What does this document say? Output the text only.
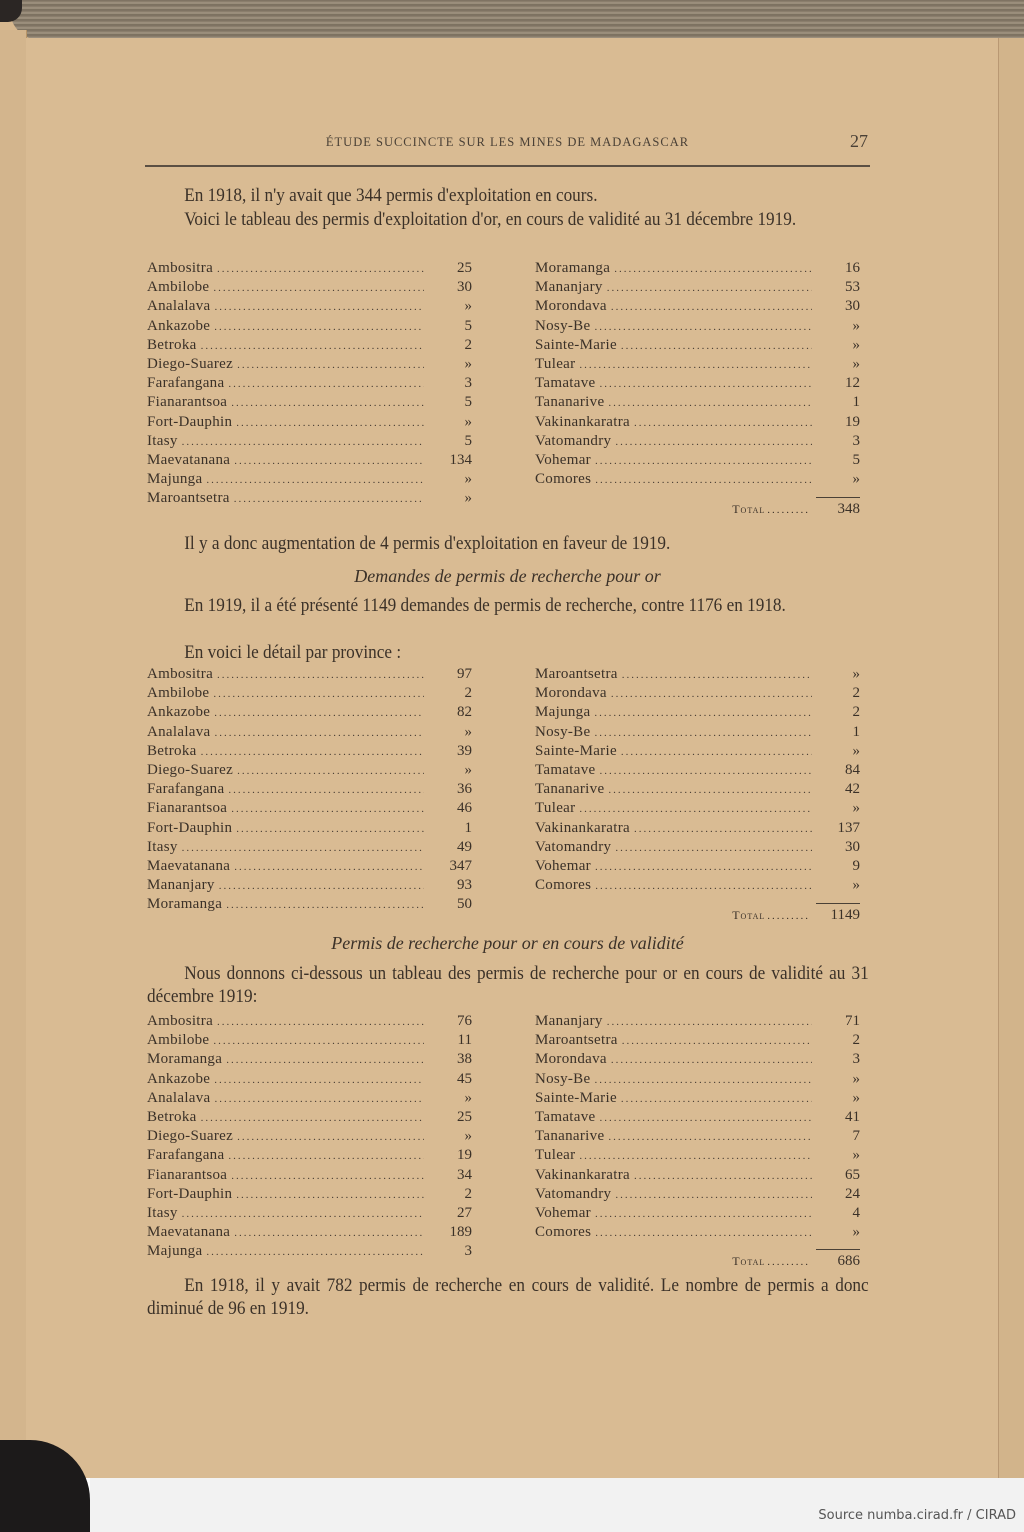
Source numba.cirad.fr / CIRAD
ÉTUDE SUCCINCTE SUR LES MINES DE MADAGASCAR	27
En 1918, il n'y avait que 344 permis d'exploitation en cours.
Voici le tableau des permis d'exploitation d'or, en cours de validité au 31 décembre 1919.
Ambositra .....	25
Ambilobe .....	30
Analalava .....	»
Ankazobe .....	5
Betroka .....	2
Diego-Suarez .....	»
Farafangana .....	3
Fianarantsoa .....	5
Fort-Dauphin .....	»
Itasy .....	5
Maevatanana .....	134
Majunga .....	»
Maroantsetra .....	»
Moramanga .....	16
Mananjary .....	53
Morondava .....	30
Nosy-Be .....	»
Sainte-Marie .....	»
Tulear .....	»
Tamatave .....	12
Tananarive .....	1
Vakinankaratra .....	19
Vatomandry .....	3
Vohemar .....	5
Comores .....	»
Total .........	348
Il y a donc augmentation de 4 permis d'exploitation en faveur de 1919.
Demandes de permis de recherche pour or
En 1919, il a été présenté 1149 demandes de permis de recherche, contre 1176 en 1918.
En voici le détail par province :
Ambositra .....	97
Ambilobe .....	2
Ankazobe .....	82
Analalava .....	»
Betroka .....	39
Diego-Suarez .....	»
Farafangana .....	36
Fianarantsoa .....	46
Fort-Dauphin .....	1
Itasy .....	49
Maevatanana .....	347
Mananjary .....	93
Moramanga .....	50
Maroantsetra .....	»
Morondava .....	2
Majunga .....	2
Nosy-Be .....	1
Sainte-Marie .....	»
Tamatave .....	84
Tananarive .....	42
Tulear .....	»
Vakinankaratra .....	137
Vatomandry .....	30
Vohemar .....	9
Comores .....	»
Total .........	1149
Permis de recherche pour or en cours de validité
Nous donnons ci-dessous un tableau des permis de recherche pour or en cours de validité au 31 décembre 1919:
Ambositra .....	76
Ambilobe .....	11
Moramanga .....	38
Ankazobe .....	45
Analalava .....	»
Betroka .....	25
Diego-Suarez .....	»
Farafangana .....	19
Fianarantsoa .....	34
Fort-Dauphin .....	2
Itasy .....	27
Maevatanana .....	189
Majunga .....	3
Mananjary .....	71
Maroantsetra .....	2
Morondava .....	3
Nosy-Be .....	»
Sainte-Marie .....	»
Tamatave .....	41
Tananarive .....	7
Tulear .....	»
Vakinankaratra .....	65
Vatomandry .....	24
Vohemar .....	4
Comores .....	»
Total .........	686
En 1918, il y avait 782 permis de recherche en cours de validité. Le nombre de permis a donc diminué de 96 en 1919.
